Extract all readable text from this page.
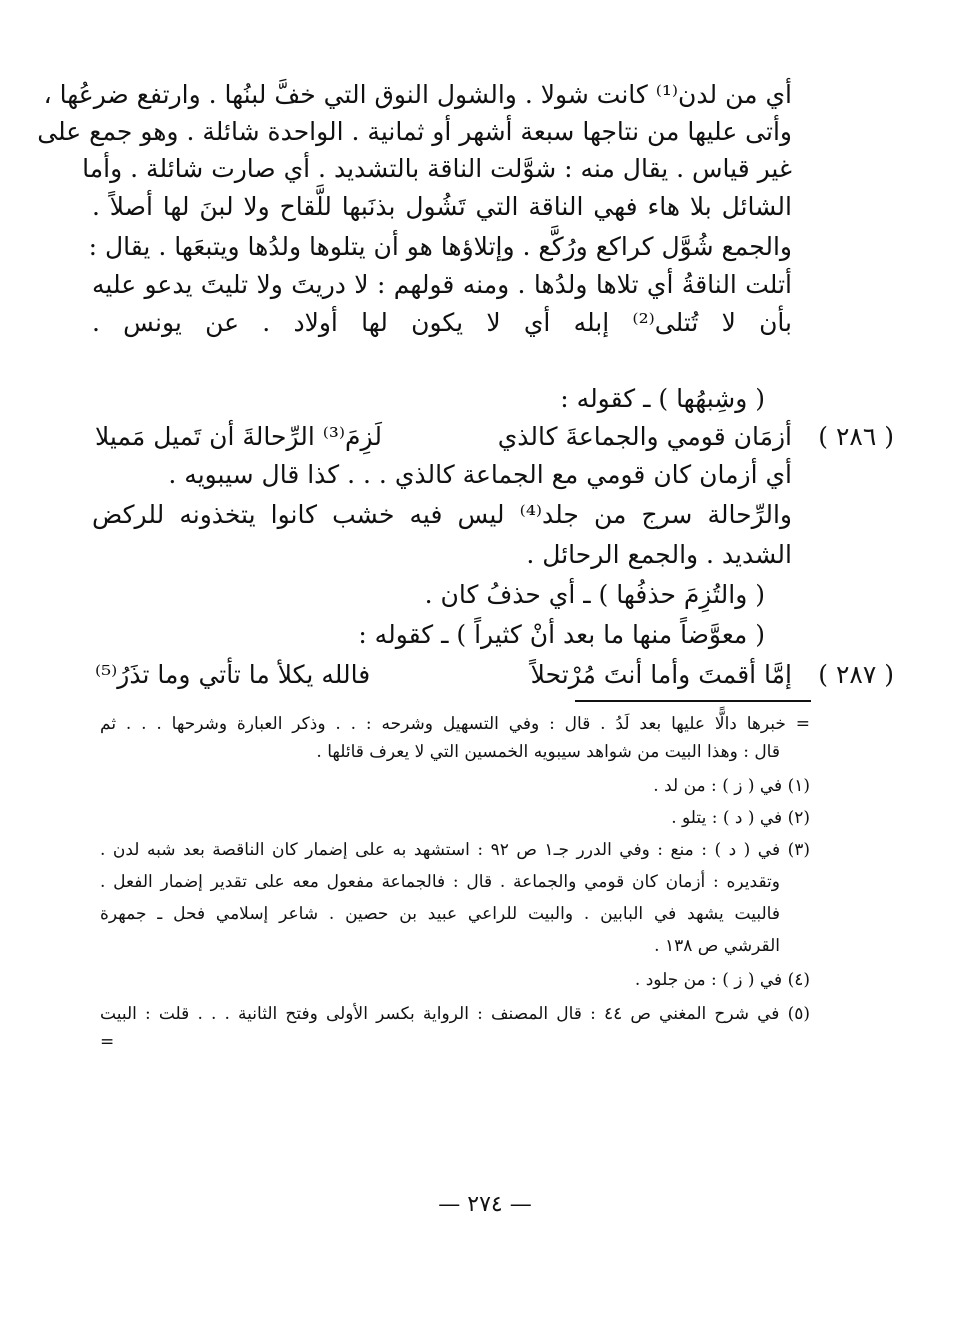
أي من لدن⁽¹⁾ كانت شولا . والشول النوق التي خفَّ لبنُها . وارتفع ضرعُها ،
وأتى عليها من نتاجها سبعة أشهر أو ثمانية . الواحدة شائلة . وهو جمع على
غير قياس . يقال منه : شوَّلت الناقة بالتشديد . أي صارت شائلة . وأما
الشائل بلا هاء فهي الناقة التي تَشُول بذنَبها للَّقاح ولا لبنَ لها أصلاً .
والجمع شُوَّل كراكع ورُكَّع . وإتلاؤها هو أن يتلوها ولدُها ويتبعَها . يقال :
أتلت الناقةُ أي تلاها ولدُها . ومنه قولهم : لا دريتَ ولا تليتَ يدعو عليه
بأن لا تُتلى⁽²⁾ إبله أي لا يكون لها أولاد . عن يونس .
( وشِبهُها ) ـ كقوله :
( ٢٨٦ )
أزمَان قومي والجماعةَ كالذي
لَزِمَ⁽³⁾ الرِّحالةَ أن تَميل مَميلا
أي أزمان كان قومي مع الجماعة كالذي . . . كذا قال سيبويه .
والرِّحالة سرج من جلد⁽⁴⁾ ليس فيه خشب كانوا يتخذونه للركض
الشديد . والجمع الرحائل .
( والتُزِمَ حذفُها ) ـ أي حذفُ كان .
( معوَّضاً منها ما بعد أنْ كثيراً ) ـ كقوله :
( ٢٨٧ )
إمَّا أقمتَ وأما أنتَ مُرْتحلاً
فالله يكلأ ما تأتي وما تذَرُ⁽⁵⁾
= خبرها دالًّا عليها بعد لَدُ . قال : وفي التسهيل وشرحه : . . وذكر العبارة وشرحها . . . ثم
قال : وهذا البيت من شواهد سيبويه الخمسين التي لا يعرف قائلها .
(١) في ( ز ) : من لد .
(٢) في ( د ) : يتلو .
(٣) في ( د ) : منع : وفي الدرر جـ١ ص ٩٢ : استشهد به على إضمار كان الناقصة بعد شبه لدن .
وتقديره : أزمان كان قومي والجماعة . قال : فالجماعة مفعول معه على تقدير إضمار الفعل .
فالبيت يشهد في البابين . والبيت للراعي عبيد بن حصين . شاعر إسلامي فحل ـ جمهرة
القرشي ص ١٣٨ .
(٤) في ( ز ) : من جلود .
(٥) في شرح المغني ص ٤٤ : قال المصنف : الرواية بكسر الأولى وفتح الثانية . . . قلت : البيت
=
— ٢٧٤ —
